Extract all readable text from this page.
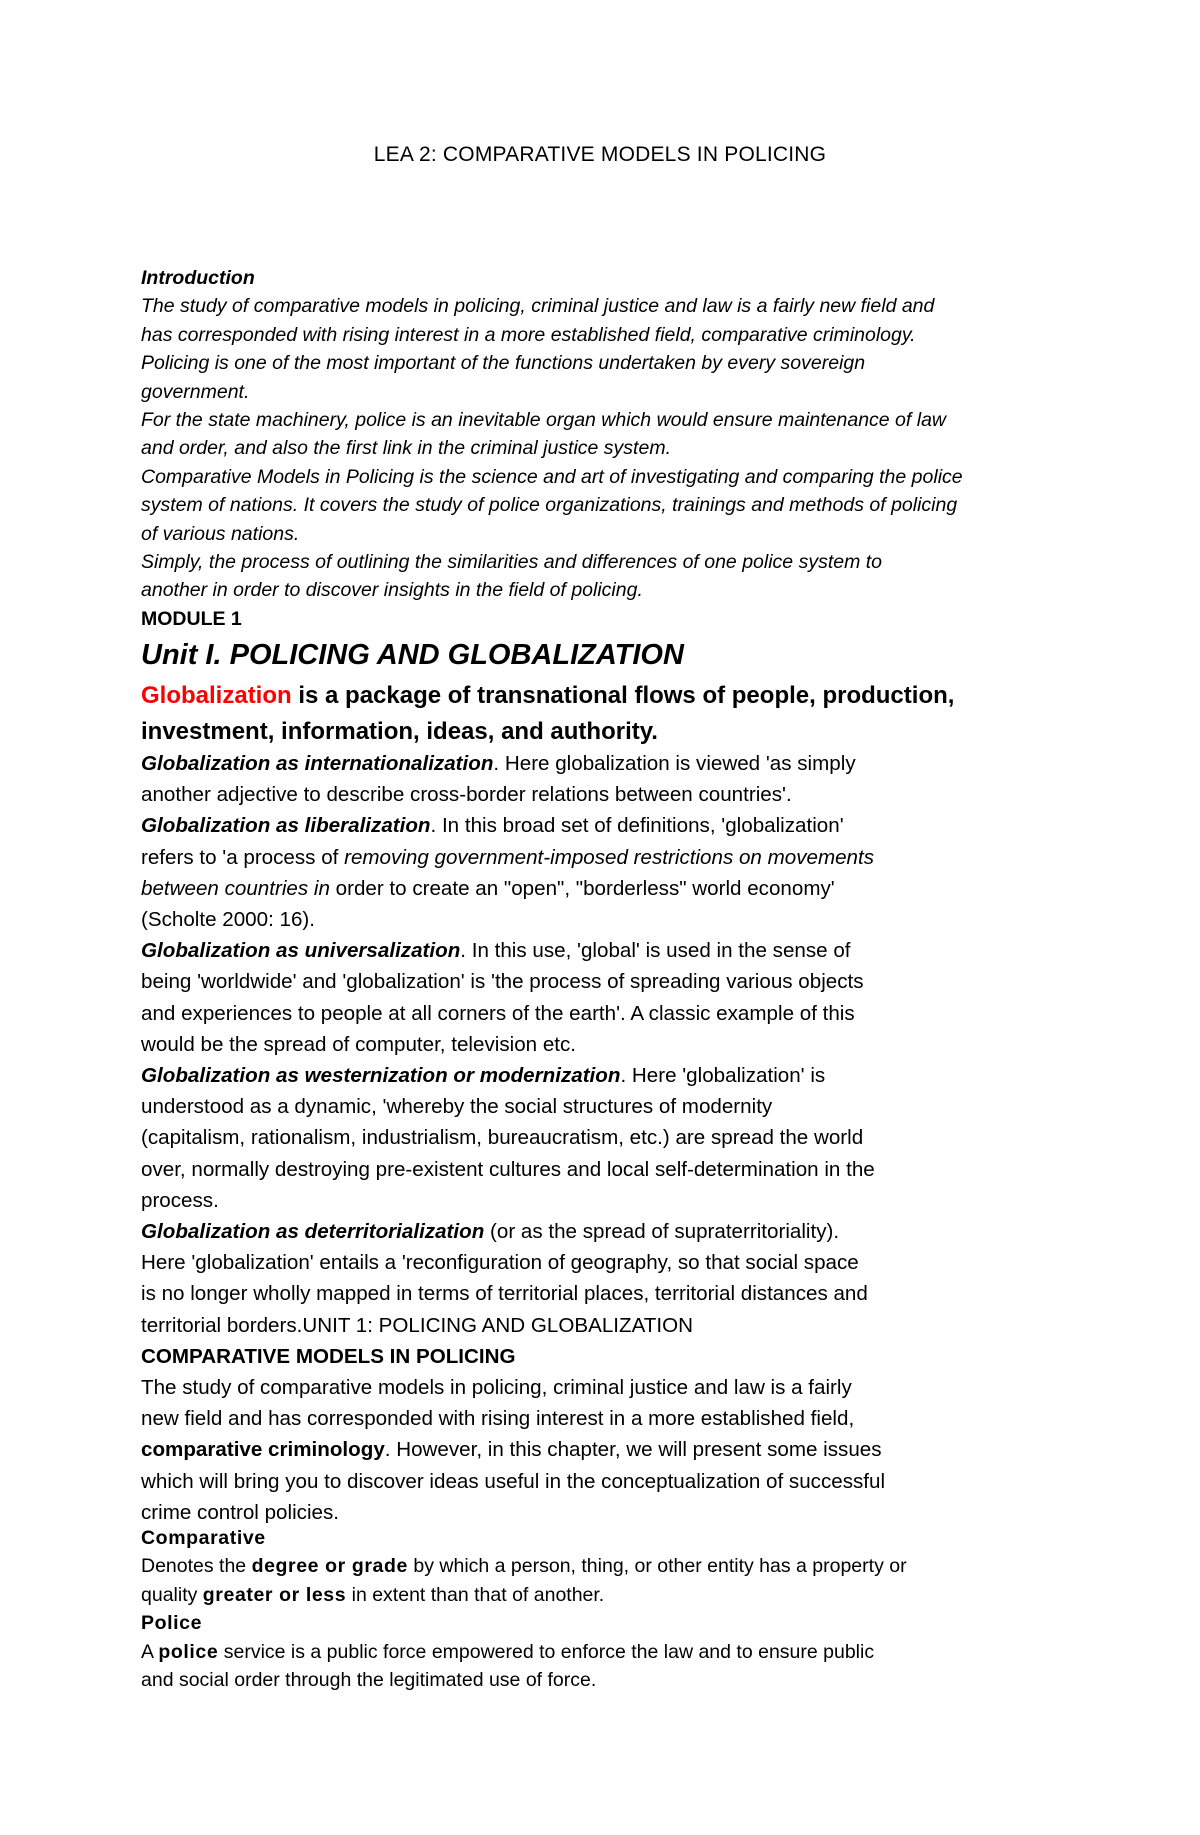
LEA 2: COMPARATIVE MODELS IN POLICING

Introduction

The study of comparative models in policing, criminal justice and law is a fairly new field and

has corresponded with rising interest in a more established field, comparative criminology.

Policing is one of the most important of the functions undertaken by every sovereign

government.

For the state machinery, police is an inevitable organ which would ensure maintenance of law

and order, and also the first link in the criminal justice system.

Comparative Models in Policing is the science and art of investigating and comparing the police

system of nations. It covers the study of police organizations, trainings and methods of policing

of various nations.

Simply, the process of outlining the similarities and differences of one police system to

another in order to discover insights in the field of policing.

MODULE 1
Unit I. POLICING AND GLOBALIZATION
Globalization is a package of transnational flows of people, production,
investment, information, ideas, and authority.

Globalization as internationalization. Here globalization is viewed 'as simply

another adjective to describe cross-border relations between countries'.

Globalization as liberalization. In this broad set of definitions, 'globalization'

refers to 'a process of removing government-imposed restrictions on movements

between countries in order to create an "open", "borderless" world economy'

(Scholte 2000: 16).

Globalization as universalization. In this use, 'global' is used in the sense of

being 'worldwide' and 'globalization' is 'the process of spreading various objects

and experiences to people at all corners of the earth'. A classic example of this

would be the spread of computer, television etc.

Globalization as westernization or modernization. Here 'globalization' is

understood as a dynamic, 'whereby the social structures of modernity

(capitalism, rationalism, industrialism, bureaucratism, etc.) are spread the world

over, normally destroying pre-existent cultures and local self-determination in the

process.

Globalization as deterritorialization (or as the spread of supraterritoriality).

Here 'globalization' entails a 'reconfiguration of geography, so that social space

is no longer wholly mapped in terms of territorial places, territorial distances and

territorial borders.UNIT 1: POLICING AND GLOBALIZATION

COMPARATIVE MODELS IN POLICING

The study of comparative models in policing, criminal justice and law is a fairly

new field and has corresponded with rising interest in a more established field,

comparative criminology. However, in this chapter, we will present some issues

which will bring you to discover ideas useful in the conceptualization of successful

crime control policies.

Comparative

Denotes the degree or grade by which a person, thing, or other entity has a property or

quality greater or less in extent than that of another.

Police

A police service is a public force empowered to enforce the law and to ensure public

and social order through the legitimated use of force.
